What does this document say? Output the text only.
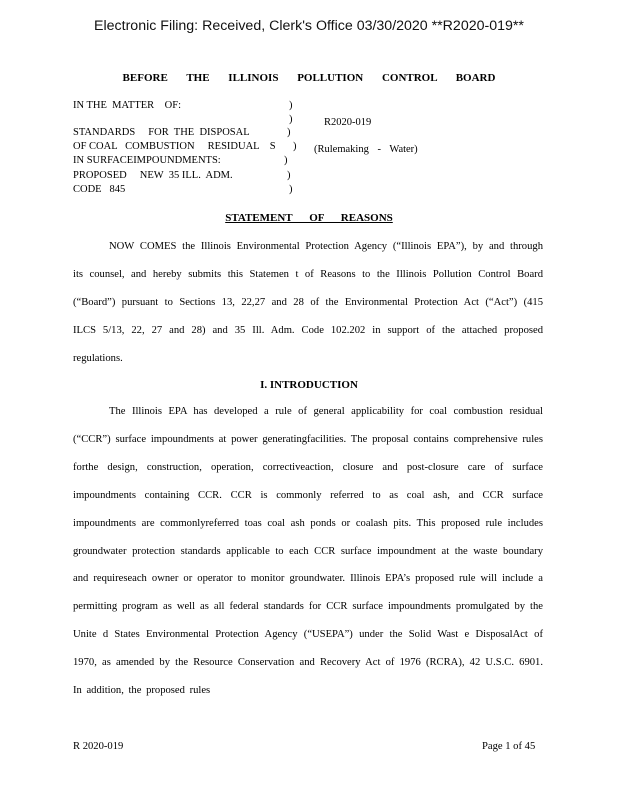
Electronic Filing: Received, Clerk's Office 03/30/2020 **R2020-019**
BEFORE THE ILLINOIS POLLUTION CONTROL BOARD
IN THE  MATTER    OF:
STANDARDS     FOR  THE  DISPOSAL
OF COAL   COMBUSTION     RESIDUAL    S
IN SURFACEIMPOUNDMENTS:
PROPOSED     NEW  35 ILL.  ADM.
CODE   845
)
)
)
)
)
)
)
R2020-019
(Rulemaking - Water)
STATEMENT OF REASONS

NOW COMES the Illinois Environmental Protection Agency (“Illinois EPA”), by and through its counsel, and hereby submits this Statemen t of Reasons to the Illinois Pollution Control Board (“Board”) pursuant to Sections 13, 22,27 and 28 of the Environmental Protection Act (“Act”) (415 ILCS 5/13, 22, 27 and 28) and 35 Ill. Adm. Code 102.202 in support of the attached proposed regulations.

I. INTRODUCTION

The Illinois EPA has developed a rule of general applicability for coal combustion residual (“CCR”) surface impoundments at power generatingfacilities. The proposal contains comprehensive rules forthe design, construction, operation, correctiveaction, closure and post-closure care of surface impoundments containing CCR. CCR is commonly referred to as coal ash, and CCR surface impoundments are commonlyreferred toas coal ash ponds or coalash pits. This proposed rule includes groundwater protection standards applicable to each CCR surface impoundment at the waste boundary and requireseach owner or operator to monitor groundwater. Illinois EPA’s proposed rule will include a permitting program as well as all federal standards for CCR surface impoundments promulgated by the Unite d States Environmental Protection Agency (“USEPA”) under the Solid Wast e DisposalAct of 1970, as amended by the Resource Conservation and Recovery Act of 1976 (RCRA), 42 U.S.C. 6901. In addition, the proposed rules

R 2020-019	Page 1 of 45
